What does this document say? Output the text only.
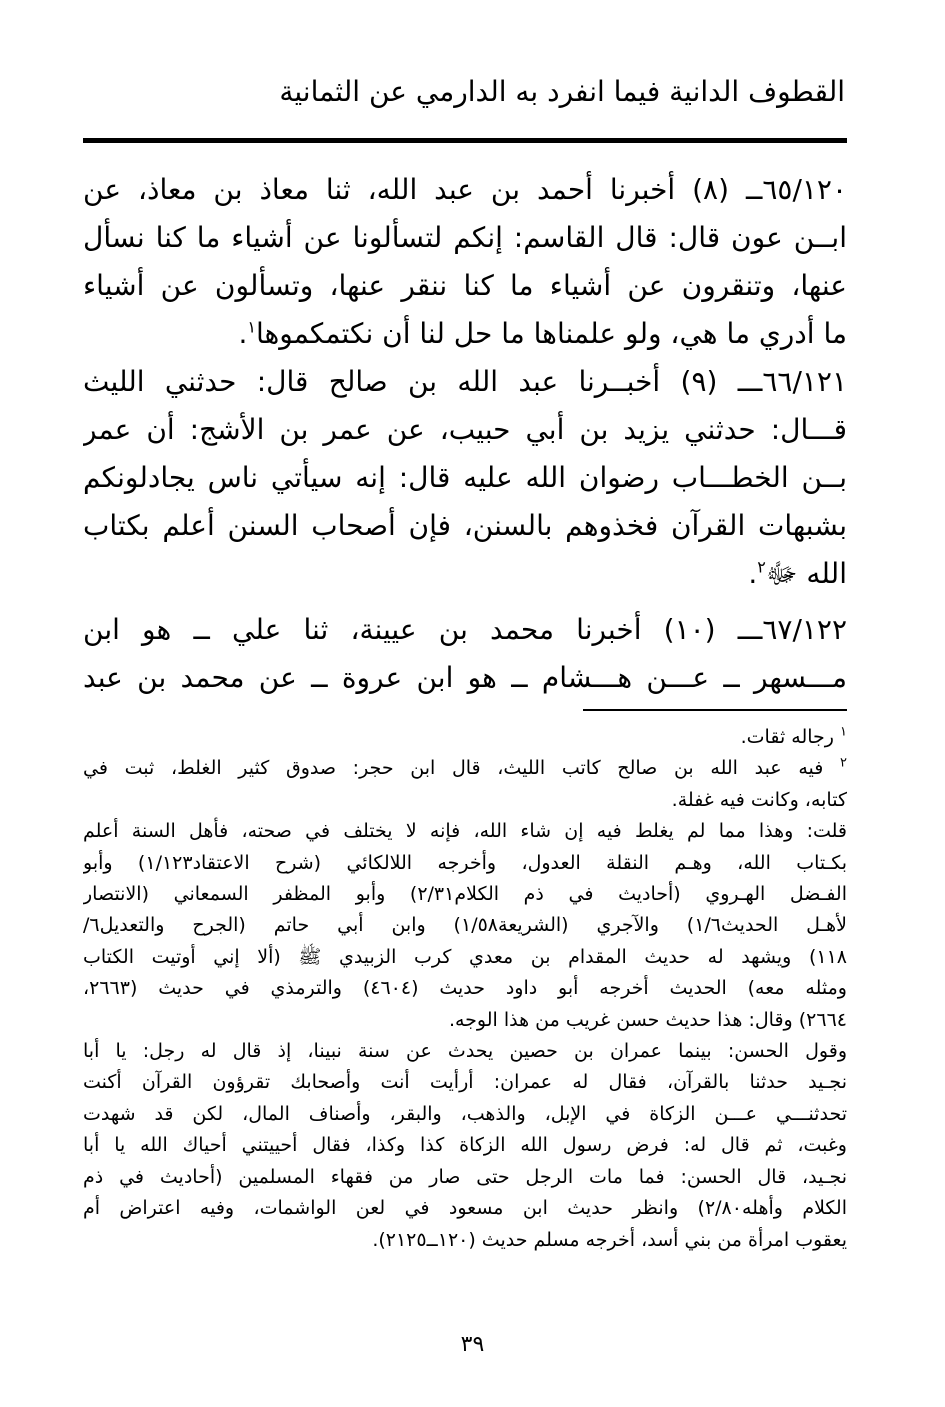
القطوف الدانية فيما انفرد به الدارمي عن الثمانية

٦٥/١٢٠ــ (٨) أخبرنا أحمد بن عبد الله، ثنا معاذ بن معاذ، عن
ابــن عون قال: قال القاسم: إنكم لتسألونا عن أشياء ما كنا نسأل
عنها، وتنقرون عن أشياء ما كنا ننقر عنها، وتسألون عن أشياء
ما أدري ما هي، ولو علمناها ما حل لنا أن نكتمكموها$^١$.

٦٦/١٢١ـــ (٩) أخبــرنا عبد الله بن صالح قال: حدثني الليث
قـــال: حدثني يزيد بن أبي حبيب، عن عمر بن الأشج: أن عمر
بــن الخطـــاب رضوان الله عليه قال: إنه سيأتي ناس يجادلونكم
بشبهات القرآن فخذوهم بالسنن، فإن أصحاب السنن أعلم بكتاب
الله ﷻ$^٢$.

٦٧/١٢٢ـــ (١٠) أخبرنا محمد بن عيينة، ثنا علي ــ هو ابن
مـــسهر ــ عـــن هـــشام ــ هو ابن عروة ــ عن محمد بن عبد

$^١$ رجاله ثقات.
$^٢$ فيه عبد الله بن صالح كاتب الليث، قال ابن حجر: صدوق كثير الغلط، ثبت في
كتابه، وكانت فيه غفلة.
قلت: وهذا مما لم يغلط فيه إن شاء الله، فإنه لا يختلف في صحته، فأهل السنة أعلم
بكـتاب الله، وهـم النقلة العدول، وأخرجه اللالكائي (شرح الاعتقاد١/١٢٣) وأبو
الفـضل الهـروي (أحاديث في ذم الكلام٢/٣١) وأبو المظفر السمعاني (الانتصار
لأهـل الحديث١/٦) والآجري (الشريعة١/٥٨) وابن أبي حاتم (الجرح والتعديل٦/
١١٨) ويشهد له حديث المقدام بن معدي كرب الزبيدي ﷺ (ألا إني أوتيت الكتاب
ومثله معه) الحديث أخرجه أبو داود حديث (٤٦٠٤) والترمذي في حديث (٢٦٦٣،
٢٦٦٤) وقال: هذا حديث حسن غريب من هذا الوجه.
وقول الحسن: بينما عمران بن حصين يحدث عن سنة نبينا، إذ قال له رجل: يا أبا
نجـيد حدثنا بالقرآن، فقال له عمران: أرأيت أنت وأصحابك تقرؤون القرآن أكنت
تحدثنـــي عـــن الزكاة في الإبل، والذهب، والبقر، وأصناف المال، لكن قد شهدت
وغبت، ثم قال له: فرض رسول الله الزكاة كذا وكذا، فقال أحييتني أحياك الله يا أبا
نجـيد، قال الحسن: فما مات الرجل حتى صار من فقهاء المسلمين (أحاديث في ذم
الكلام وأهله٢/٨٠) وانظر حديث ابن مسعود في لعن الواشمات، وفيه اعتراض أم
يعقوب امرأة من بني أسد، أخرجه مسلم حديث (١٢٠ــ٢١٢٥).
٣٩
